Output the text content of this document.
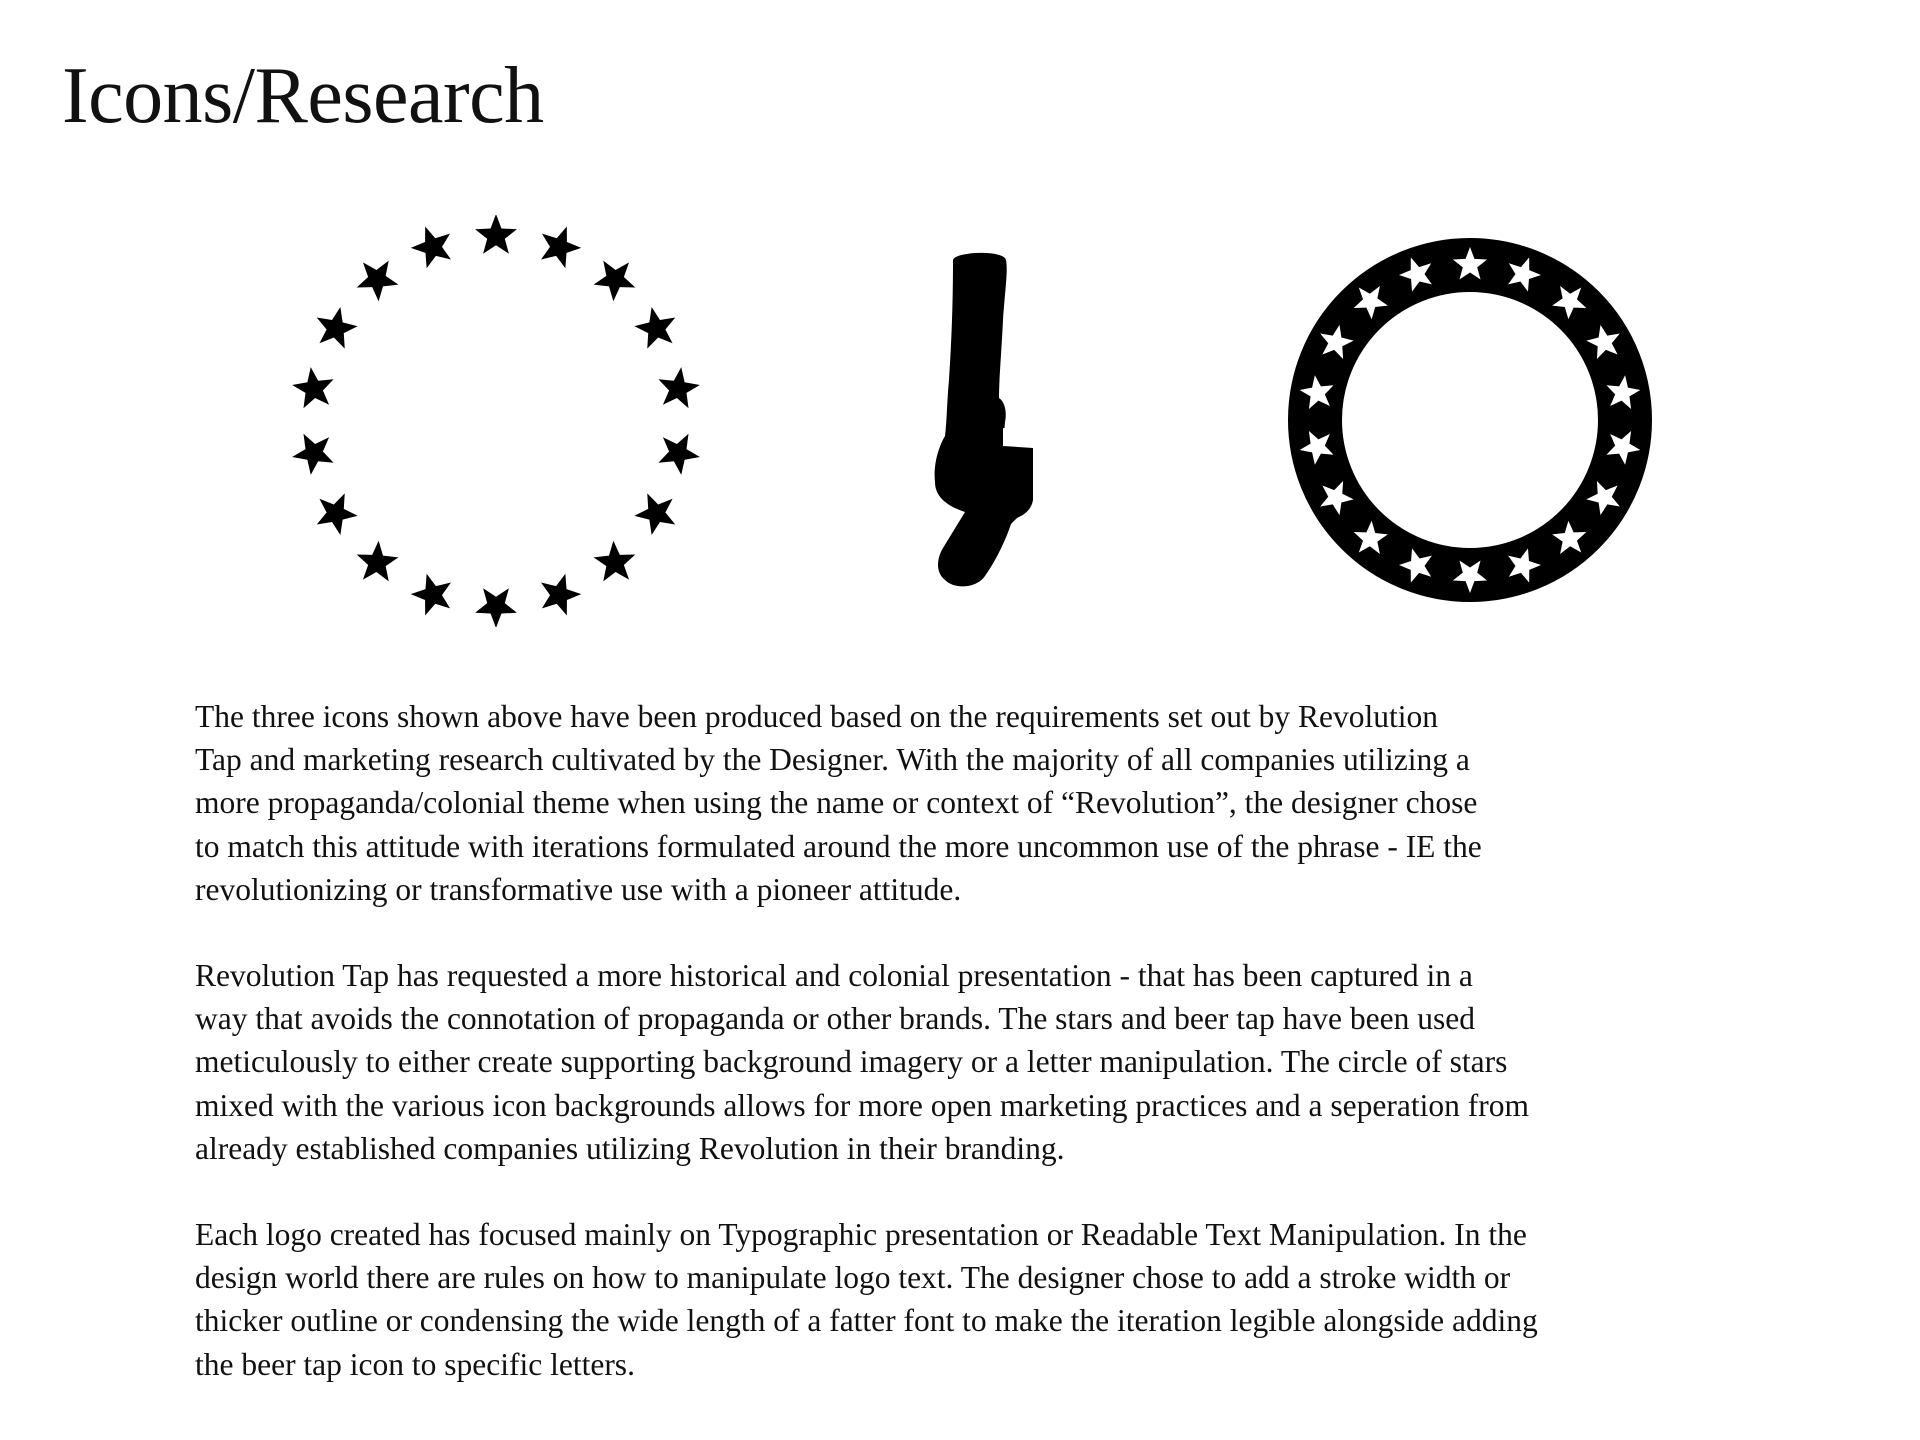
Icons/Research

The three icons shown above have been produced based on the requirements set out by Revolution
Tap and marketing research cultivated by the Designer. With the majority of all companies utilizing a
more propaganda/colonial theme when using the name or context of “Revolution”, the designer chose
to match this attitude with iterations formulated around the more uncommon use of the phrase - IE the
revolutionizing or transformative use with a pioneer attitude.

Revolution Tap has requested a more historical and colonial presentation - that has been captured in a
way that avoids the connotation of propaganda or other brands. The stars and beer tap have been used
meticulously to either create supporting background imagery or a letter manipulation. The circle of stars
mixed with the various icon backgrounds allows for more open marketing practices and a seperation from
already established companies utilizing Revolution in their branding.

Each logo created has focused mainly on Typographic presentation or Readable Text Manipulation. In the
design world there are rules on how to manipulate logo text. The designer chose to add a stroke width or
thicker outline or condensing the wide length of a fatter font to make the iteration legible alongside adding
the beer tap icon to specific letters.
